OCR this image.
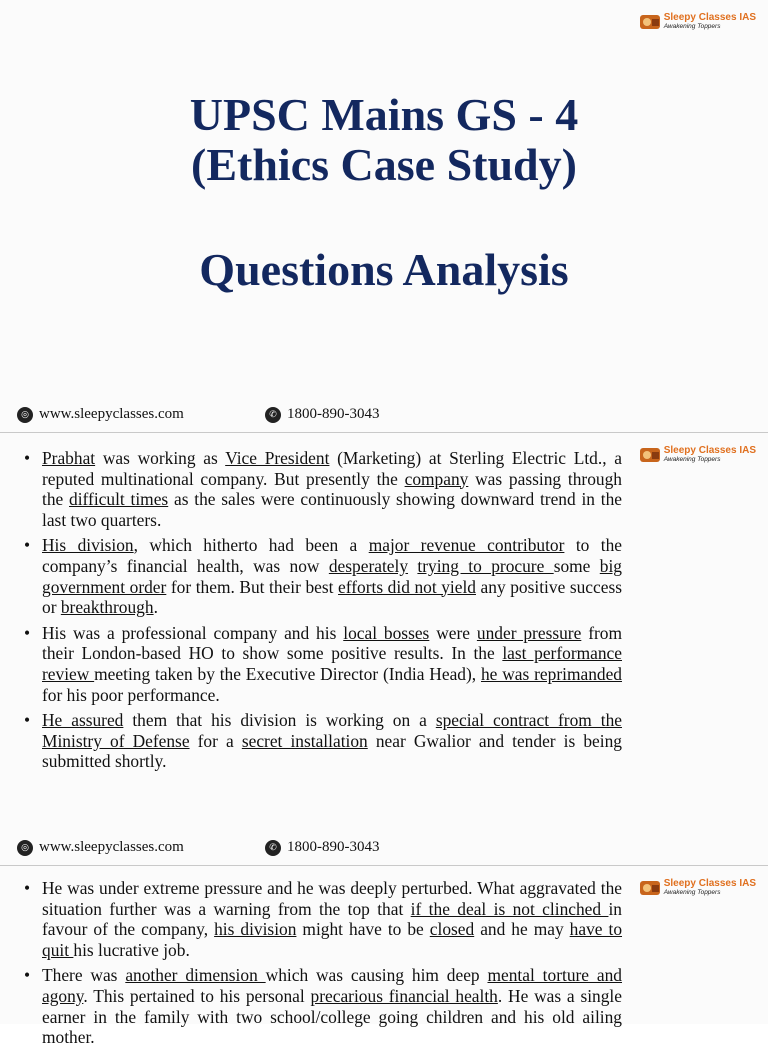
Sleepy Classes IAS
Awakening Toppers
UPSC Mains GS - 4
(Ethics Case Study)
Questions Analysis
◎ www.sleepyclasses.com	✆ 1800-890-3043
Sleepy Classes IAS
Awakening Toppers
• Prabhat was working as Vice President (Marketing) at Sterling Electric Ltd., a reputed multinational company. But presently the company was passing through the difficult times as the sales were continuously showing downward trend in the last two quarters.
• His division, which hitherto had been a major revenue contributor to the company’s financial health, was now desperately trying to procure some big government order for them. But their best efforts did not yield any positive success or breakthrough.
• His was a professional company and his local bosses were under pressure from their London-based HO to show some positive results. In the last performance review meeting taken by the Executive Director (India Head), he was reprimanded for his poor performance.
• He assured them that his division is working on a special contract from the Ministry of Defense for a secret installation near Gwalior and tender is being submitted shortly.
◎ www.sleepyclasses.com	✆ 1800-890-3043
Sleepy Classes IAS
Awakening Toppers
• He was under extreme pressure and he was deeply perturbed. What aggravated the situation further was a warning from the top that if the deal is not clinched in favour of the company, his division might have to be closed and he may have to quit his lucrative job.
• There was another dimension which was causing him deep mental torture and agony. This pertained to his personal precarious financial health. He was a single earner in the family with two school/college going children and his old ailing mother.
